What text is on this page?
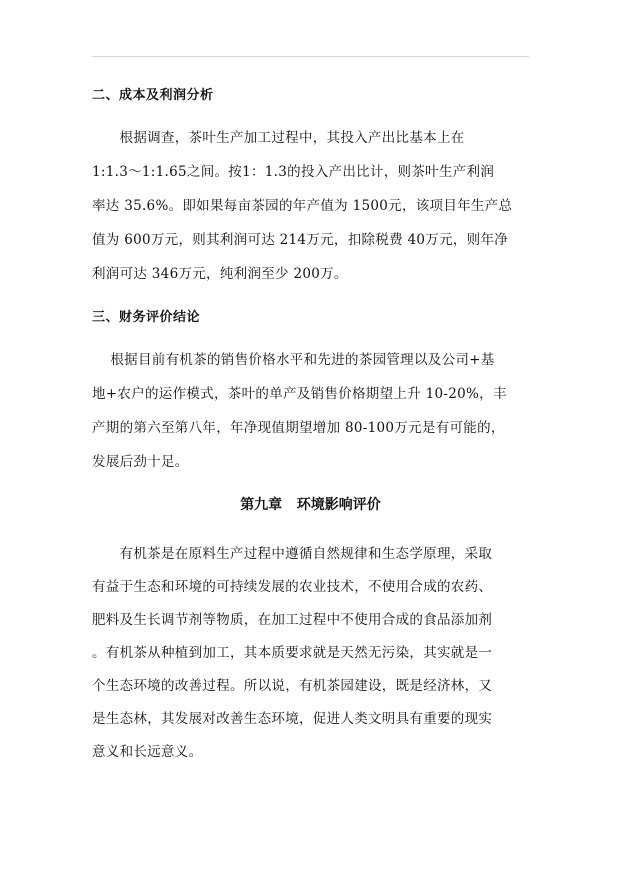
二、成本及利润分析
根据调查，茶叶生产加工过程中，其投入产出比基本上在
1:1.3～1:1.65之间。按1：1.3的投入产出比计，则茶叶生产利润
率达 35.6%。即如果每亩茶园的年产值为 1500元，该项目年生产总
值为 600万元，则其利润可达 214万元，扣除税费 40万元，则年净
利润可达 346万元，纯利润至少 200万。
三、财务评价结论
根据目前有机茶的销售价格水平和先进的茶园管理以及公司+基
地+农户的运作模式，茶叶的单产及销售价格期望上升 10-20%，丰
产期的第六至第八年，年净现值期望增加 80-100万元是有可能的，
发展后劲十足。
第九章   环境影响评价
有机茶是在原料生产过程中遵循自然规律和生态学原理，采取
有益于生态和环境的可持续发展的农业技术，不使用合成的农药、
肥料及生长调节剂等物质，在加工过程中不使用合成的食品添加剂
。有机茶从种植到加工，其本质要求就是天然无污染，其实就是一
个生态环境的改善过程。所以说，有机茶园建设，既是经济林，又
是生态林，其发展对改善生态环境，促进人类文明具有重要的现实
意义和长远意义。
